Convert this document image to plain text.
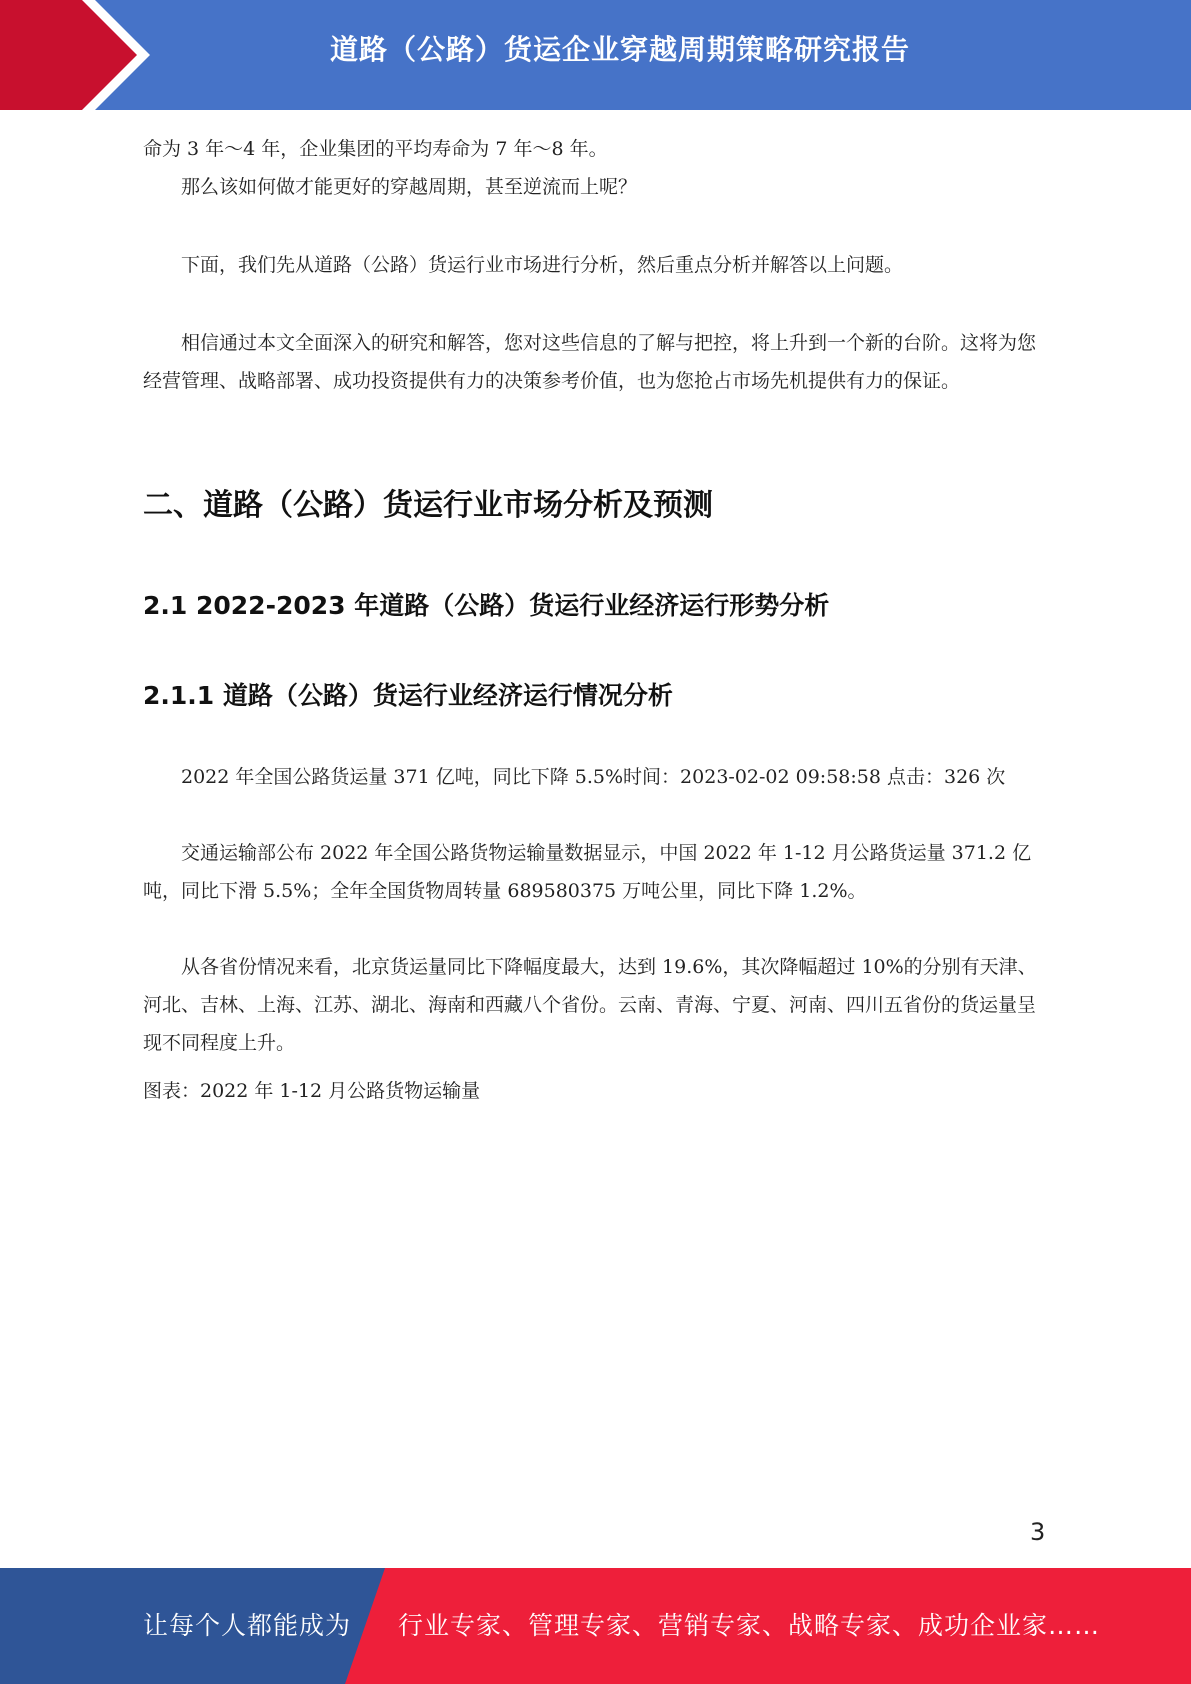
道路（公路）货运企业穿越周期策略研究报告

命为 3 年～4 年，企业集团的平均寿命为 7 年～8 年。

那么该如何做才能更好的穿越周期，甚至逆流而上呢？

下面，我们先从道路（公路）货运行业市场进行分析，然后重点分析并解答以上问题。

相信通过本文全面深入的研究和解答，您对这些信息的了解与把控，将上升到一个新的台阶。这将为您经营管理、战略部署、成功投资提供有力的决策参考价值，也为您抢占市场先机提供有力的保证。

二、道路（公路）货运行业市场分析及预测
2.1 2022-2023 年道路（公路）货运行业经济运行形势分析
2.1.1 道路（公路）货运行业经济运行情况分析

2022 年全国公路货运量 371 亿吨，同比下降 5.5%时间：2023-02-02 09:58:58 点击：326 次

交通运输部公布 2022 年全国公路货物运输量数据显示，中国 2022 年 1-12 月公路货运量 371.2 亿吨，同比下滑 5.5%；全年全国货物周转量 689580375 万吨公里，同比下降 1.2%。

从各省份情况来看，北京货运量同比下降幅度最大，达到 19.6%，其次降幅超过 10%的分别有天津、河北、吉林、上海、江苏、湖北、海南和西藏八个省份。云南、青海、宁夏、河南、四川五省份的货运量呈现不同程度上升。

图表：2022 年 1-12 月公路货物运输量

3
让每个人都能成为 行业专家、管理专家、营销专家、战略专家、成功企业家……
